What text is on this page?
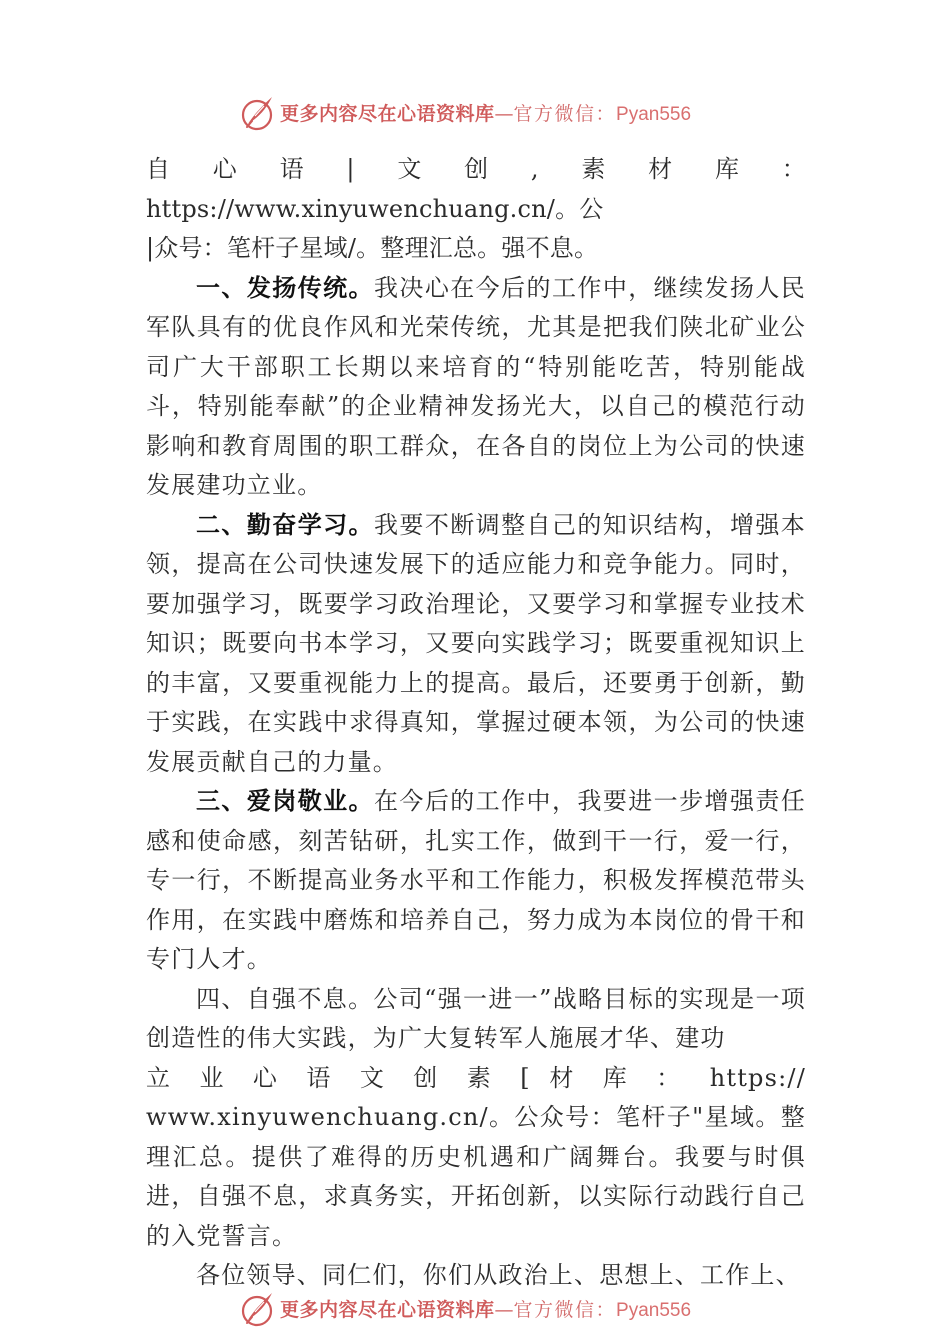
更多内容尽在心语资料库—官方微信：Pyan556

自心语|文创,素材库：https://www.xinyuwenchuang.cn/。公

|众号：笔杆子星域/。整理汇总。强不息。

一、发扬传统。我决心在今后的工作中，继续发扬人民军队具有的优良作风和光荣传统，尤其是把我们陕北矿业公司广大干部职工长期以来培育的“特别能吃苦，特别能战斗，特别能奉献”的企业精神发扬光大，以自己的模范行动影响和教育周围的职工群众，在各自的岗位上为公司的快速发展建功立业。

二、勤奋学习。我要不断调整自己的知识结构，增强本领，提高在公司快速发展下的适应能力和竞争能力。同时， 要加强学习，既要学习政治理论，又要学习和掌握专业技术知识；既要向书本学习，又要向实践学习；既要重视知识上的丰富，又要重视能力上的提高。最后，还要勇于创新，勤于实践，在实践中求得真知，掌握过硬本领，为公司的快速发展贡献自己的力量。

三、爱岗敬业。在今后的工作中，我要进一步增强责任感和使命感，刻苦钻研，扎实工作，做到干一行，爱一行， 专一行，不断提高业务水平和工作能力，积极发挥模范带头作用，在实践中磨炼和培养自己，努力成为本岗位的骨干和专门人才。

四、自强不息。公司“强一进一”战略目标的实现是一项创造性的伟大实践，为广大复转军人施展才华、建功

立 业 心 语 文 创 素 [ 材 库 ： https://

www.xinyuwenchuang.cn/。公众号：笔杆子"星域。整理汇总。提供了难得的历史机遇和广阔舞台。我要与时俱进，自强不息，求真务实，开拓创新，以实际行动践行自己的入党誓言。

各位领导、同仁们，你们从政治上、思想上、工作上、

更多内容尽在心语资料库—官方微信：Pyan556
